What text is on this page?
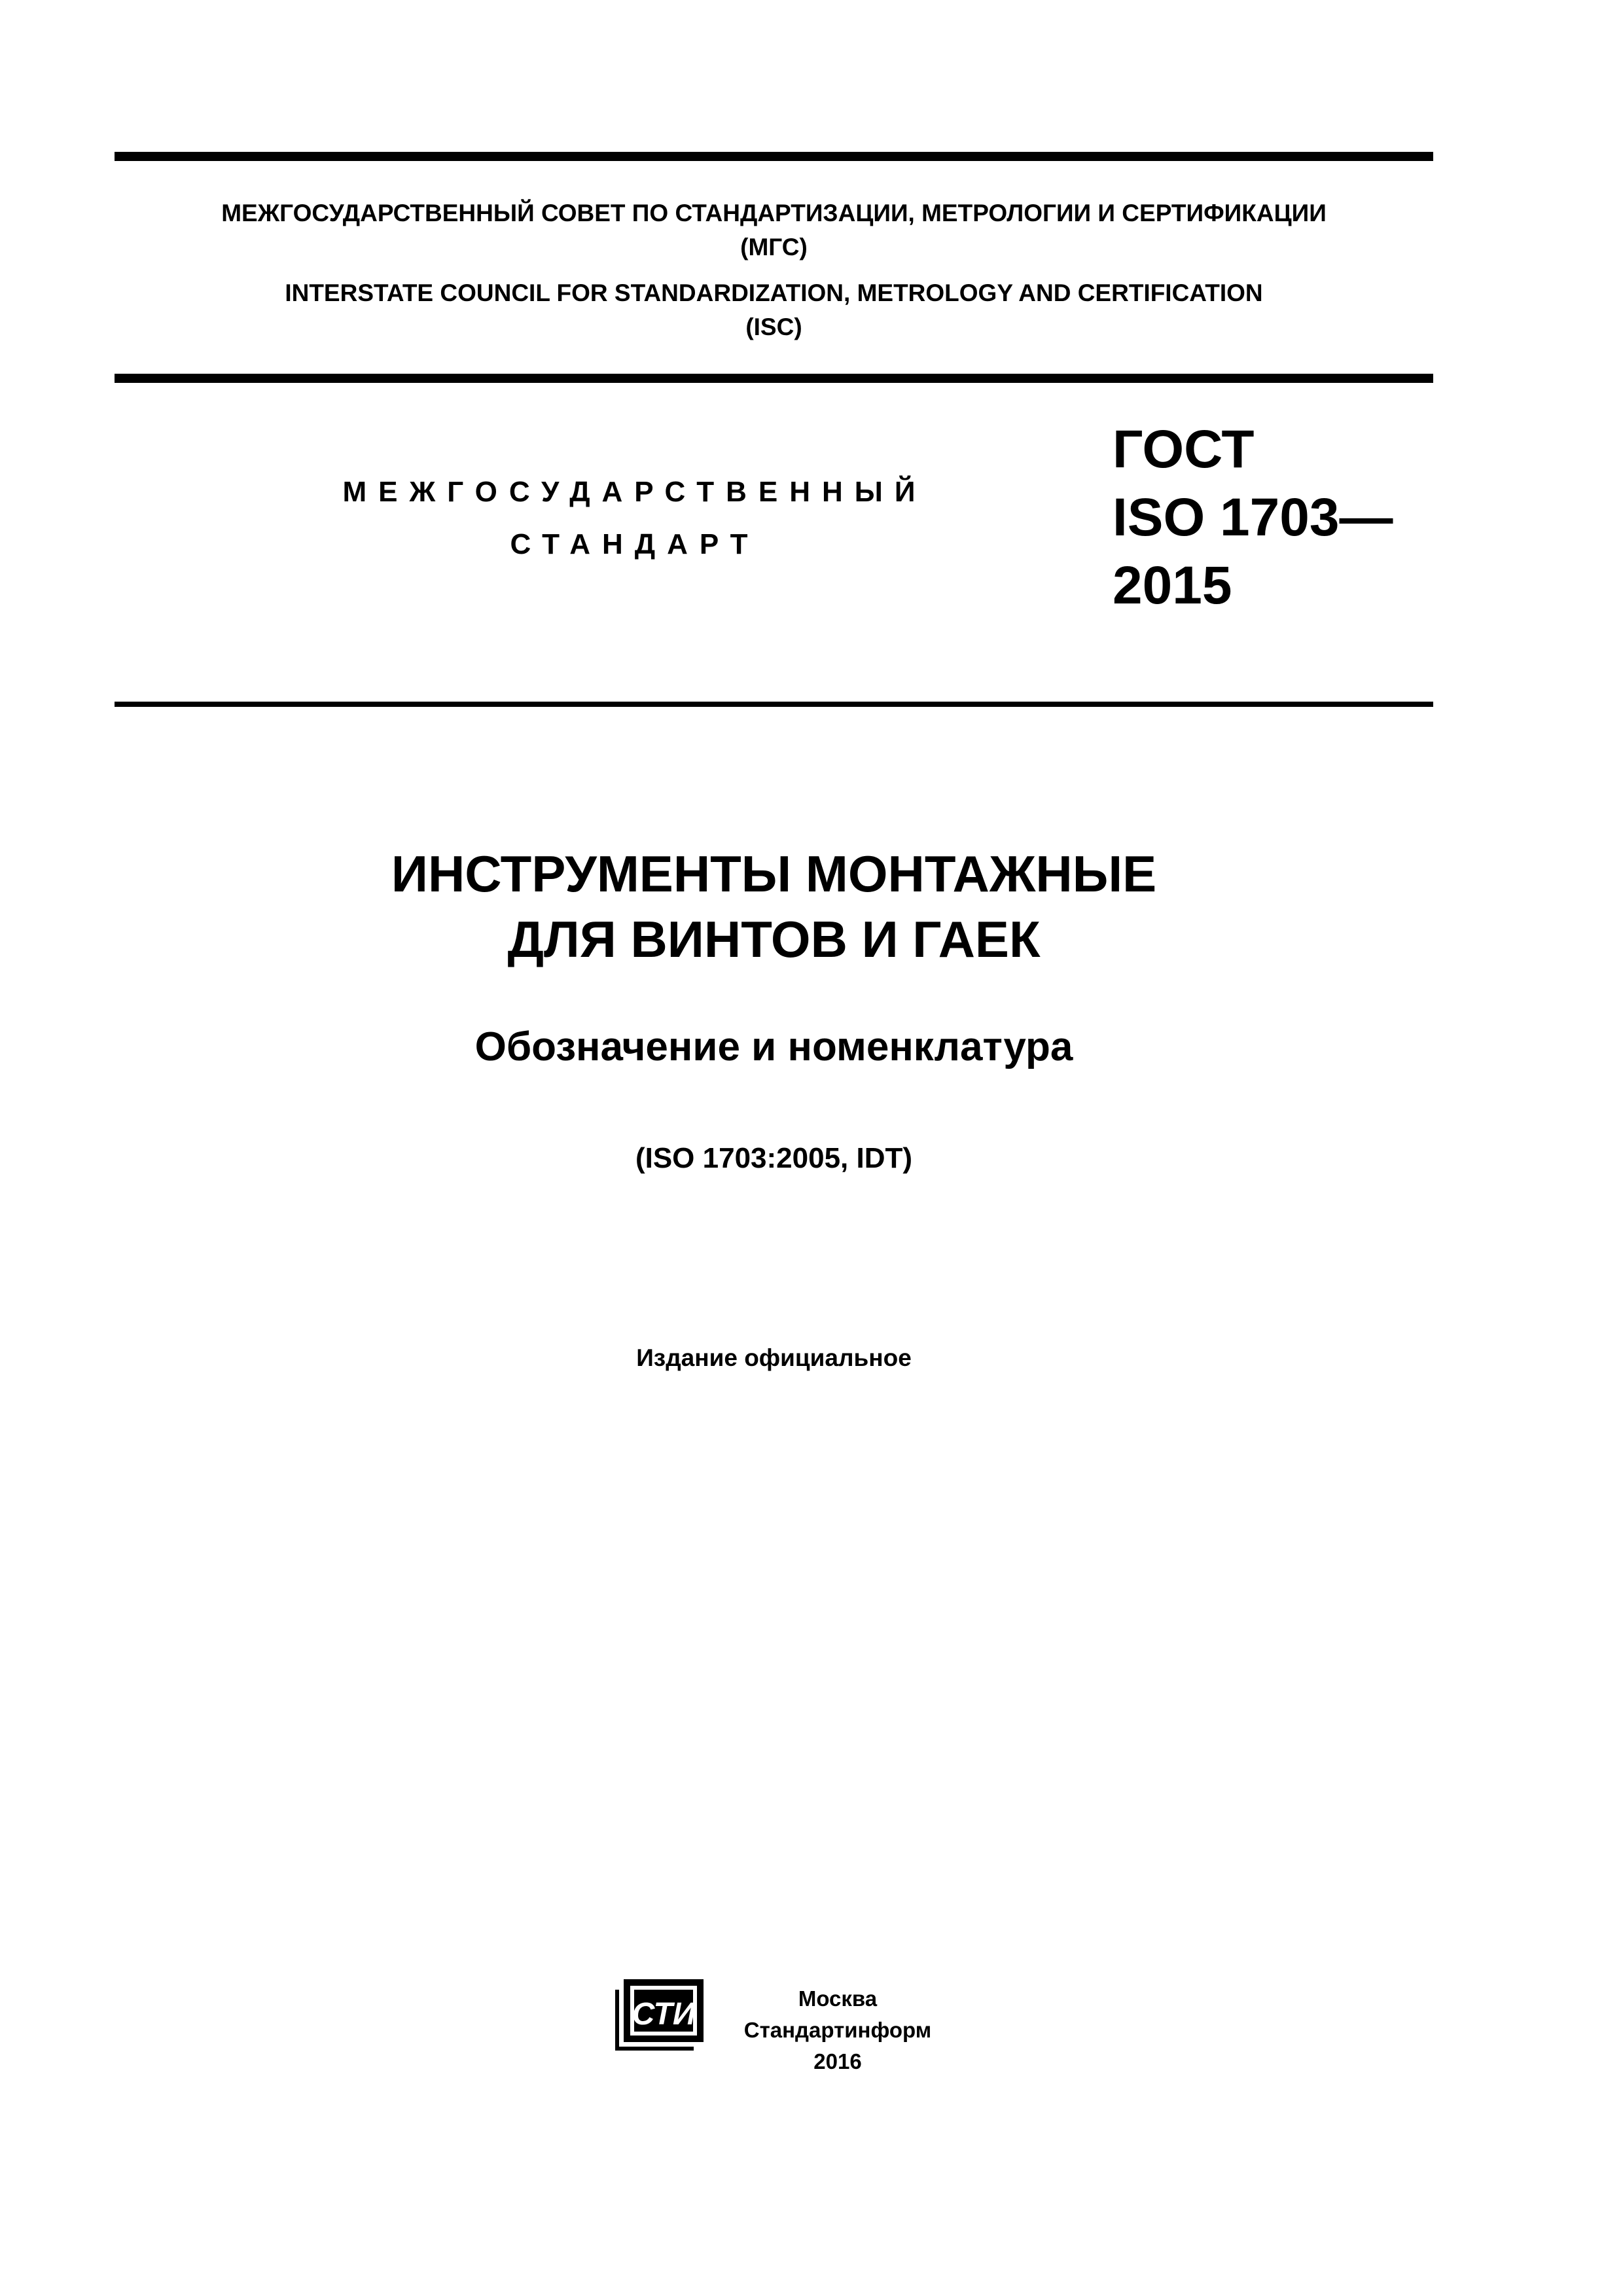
МЕЖГОСУДАРСТВЕННЫЙ СОВЕТ ПО СТАНДАРТИЗАЦИИ, МЕТРОЛОГИИ И СЕРТИФИКАЦИИ
(МГС)
INTERSTATE COUNCIL FOR STANDARDIZATION, METROLOGY AND CERTIFICATION
(ISC)
МЕЖГОСУДАРСТВЕННЫЙ
СТАНДАРТ
ГОСТ
ISO 1703—
2015
ИНСТРУМЕНТЫ МОНТАЖНЫЕ
ДЛЯ ВИНТОВ И ГАЕК
Обозначение и номенклатура
(ISO 1703:2005, IDT)
Издание официальное
СТИ	Москва
Стандартинформ
2016
